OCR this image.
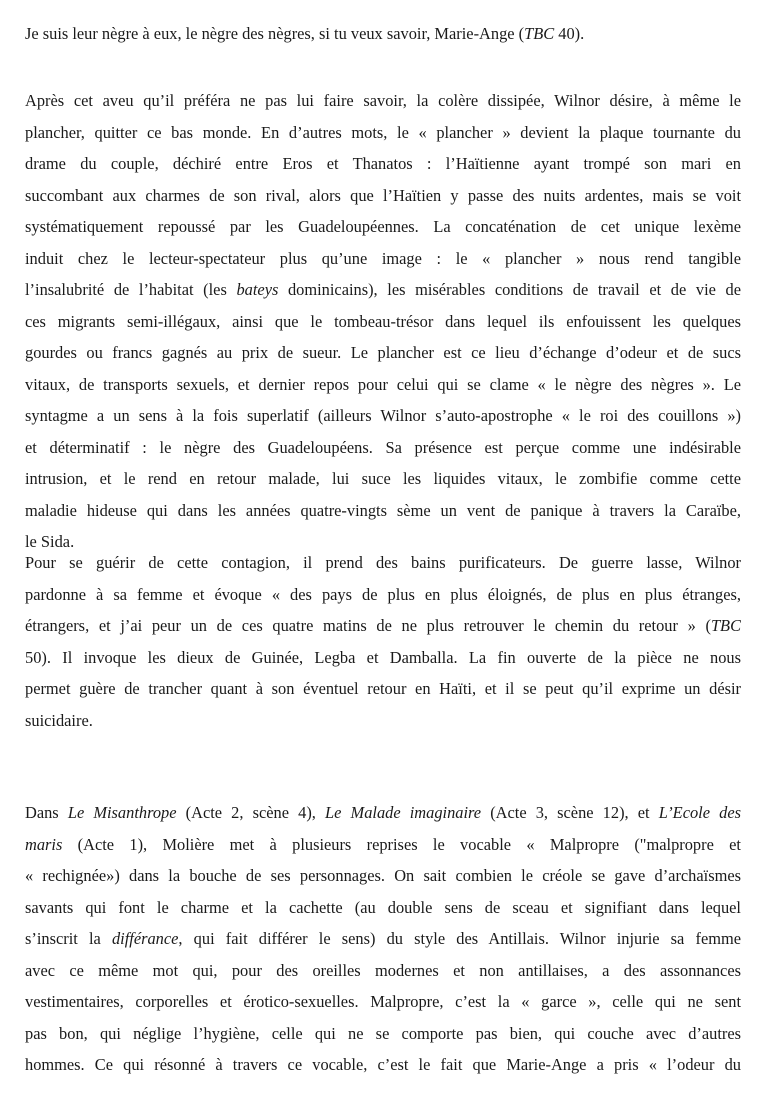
Je suis leur nègre à eux, le nègre des nègres, si tu veux savoir, Marie-Ange (TBC 40).
Après cet aveu qu’il préféra ne pas lui faire savoir, la colère dissipée, Wilnor désire, à même le
plancher, quitter ce bas monde. En d’autres mots, le « plancher » devient la plaque tournante du
drame du couple, déchiré entre Eros et Thanatos : l’Haïtienne ayant trompé son mari en
succombant aux charmes de son rival, alors que l’Haïtien y passe des nuits ardentes, mais se voit
systématiquement repoussé par les Guadeloupéennes. La concaténation de cet unique lexème
induit chez le lecteur-spectateur plus qu’une image : le « plancher » nous rend tangible
l’insalubrité de l’habitat (les bateys dominicains), les misérables conditions de travail et de vie de
ces migrants semi-illégaux, ainsi que le tombeau-trésor dans lequel ils enfouissent les quelques
gourdes ou francs gagnés au prix de sueur. Le plancher est ce lieu d’échange d’odeur et de sucs
vitaux, de transports sexuels, et dernier repos pour celui qui se clame « le nègre des nègres ». Le
syntagme a un sens à la fois superlatif (ailleurs Wilnor s’auto-apostrophe « le roi des couillons »)
et déterminatif : le nègre des Guadeloupéens. Sa présence est perçue comme une indésirable
intrusion, et le rend en retour malade, lui suce les liquides vitaux, le zombifie comme cette
maladie hideuse qui dans les années quatre-vingts sème un vent de panique à travers la Caraïbe,
le Sida.
Pour se guérir de cette contagion, il prend des bains purificateurs. De guerre lasse, Wilnor
pardonne à sa femme et évoque « des pays de plus en plus éloignés, de plus en plus étranges,
étrangers, et j’ai peur un de ces quatre matins de ne plus retrouver le chemin du retour » (TBC
50). Il invoque les dieux de Guinée, Legba et Damballa. La fin ouverte de la pièce ne nous
permet guère de trancher quant à son éventuel retour en Haïti, et il se peut qu’il exprime un désir
suicidaire.
Dans Le Misanthrope (Acte 2, scène 4), Le Malade imaginaire (Acte 3, scène 12), et L’Ecole des
maris (Acte 1), Molière met à plusieurs reprises le vocable « Malpropre ("malpropre et
« rechignée») dans la bouche de ses personnages. On sait combien le créole se gave d’archaïsmes
savants qui font le charme et la cachette (au double sens de sceau et signifiant dans lequel
s’inscrit la différance, qui fait différer le sens) du style des Antillais. Wilnor injurie sa femme
avec ce même mot qui, pour des oreilles modernes et non antillaises, a des assonnances
vestimentaires, corporelles et érotico-sexuelles. Malpropre, c’est la « garce », celle qui ne sent
pas bon, qui néglige l’hygiène, celle qui ne se comporte pas bien, qui couche avec d’autres
hommes. Ce qui résonné à travers ce vocable, c’est le fait que Marie-Ange a pris « l’odeur du
